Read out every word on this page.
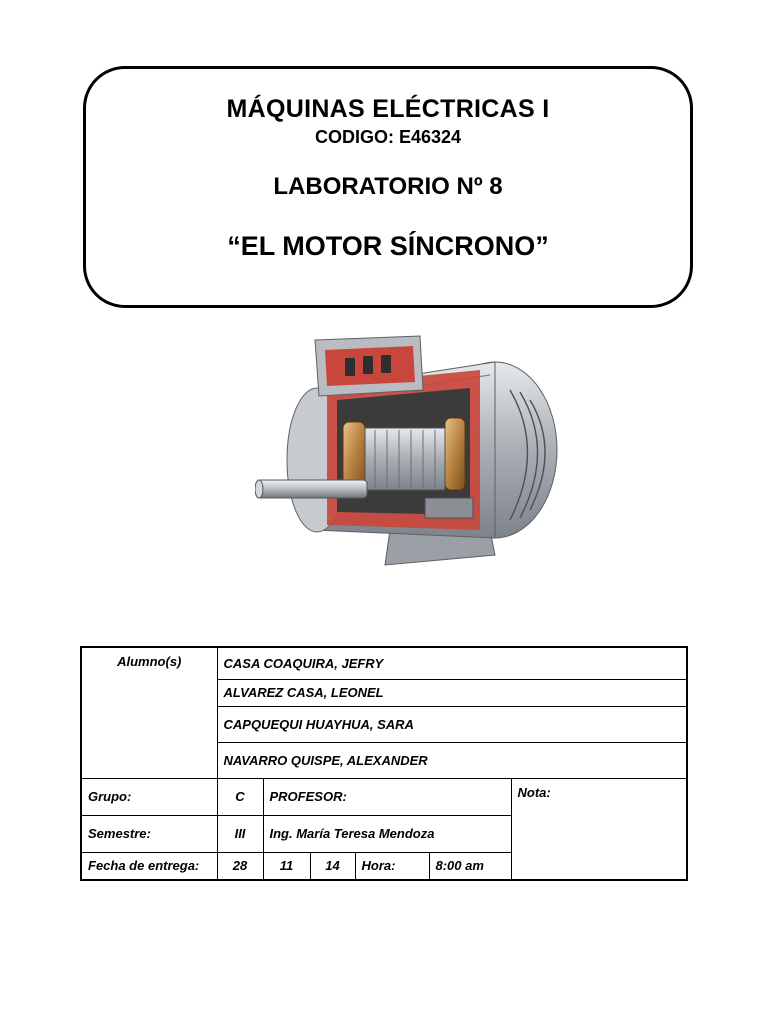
MÁQUINAS ELÉCTRICAS I
CODIGO: E46324
LABORATORIO Nº 8
“EL MOTOR SÍNCRONO”
Alumno(s)	CASA COAQUIRA, JEFRY					
	ALVAREZ CASA, LEONEL					
	CAPQUEQUI HUAYHUA, SARA					
	NAVARRO QUISPE, ALEXANDER					
Grupo:	C	PROFESOR:				Nota:
Semestre:	III	Ing. María Teresa Mendoza				
Fecha de entrega:	28	11	14	Hora:	8:00 am	
